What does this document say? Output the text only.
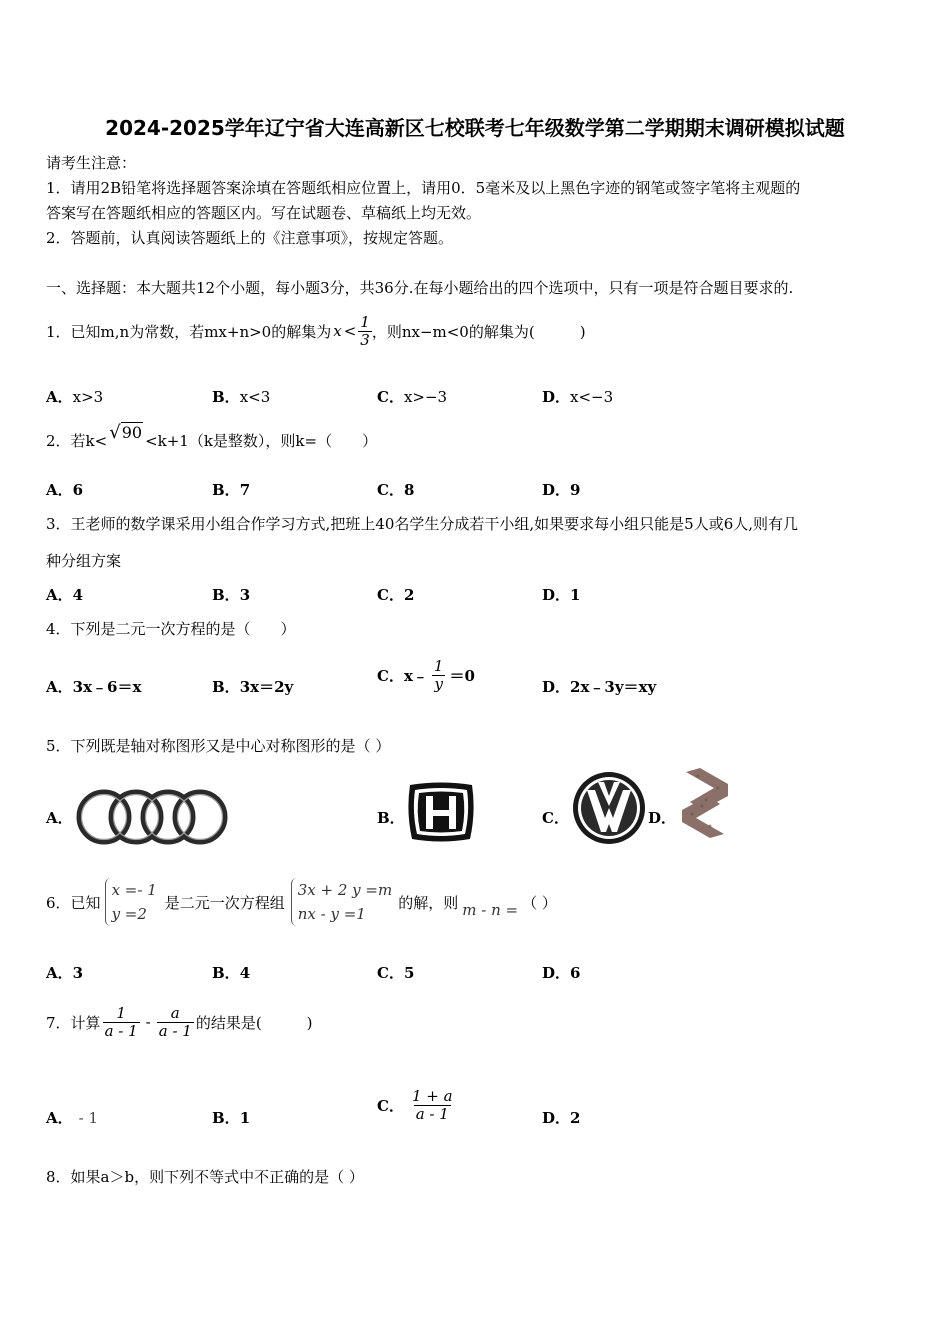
2024-2025学年辽宁省大连高新区七校联考七年级数学第二学期期末调研模拟试题
请考生注意：
1．请用2B铅笔将选择题答案涂填在答题纸相应位置上，请用0．5毫米及以上黑色字迹的钢笔或签字笔将主观题的
答案写在答题纸相应的答题区内。写在试题卷、草稿纸上均无效。
2．答题前，认真阅读答题纸上的《注意事项》，按规定答题。
一、选择题：本大题共12个小题，每小题3分，共36分.在每小题给出的四个选项中，只有一项是符合题目要求的.
1． 已知m,n为常数，若mx+n>0的解集为 $x < \frac{1}{3}$ ，则nx−m<0的解集为(　　　)
A．x>3	B．x<3	C．x>−3	D．x<−3
2． 若k< √ 90 <k+1（k是整数），则k=（　　）
A．6	B．7	C．8	D．9
3．王老师的数学课采用小组合作学习方式,把班上40名学生分成若干小组,如果要求每小组只能是5人或6人,则有几
种分组方案
A．4	B．3	C．2	D．1
4．下列是二元一次方程的是（　　）
A．3x﹣6＝x	B．3x＝2y
C． x﹣ $\frac{1}{y} =0$
D．2x﹣3y＝xy
5．下列既是轴对称图形又是中心对称图形的是（ ）
A．	B．	C．	D．
6． 已知
x =- 1
y =2
是二元一次方程组
3x + 2 y =m
nx - y =1
的解，则 m - n = （ ）
A．3	B．4	C．5	D．6
7． 计算 $\frac{1}{a - 1} - \frac{a}{a - 1}$ 的结果是(　　　)
A． - 1	B．1
C． $\frac{1 + a}{a - 1}$	D．2
8．如果a＞b，则下列不等式中不正确的是（ ）
